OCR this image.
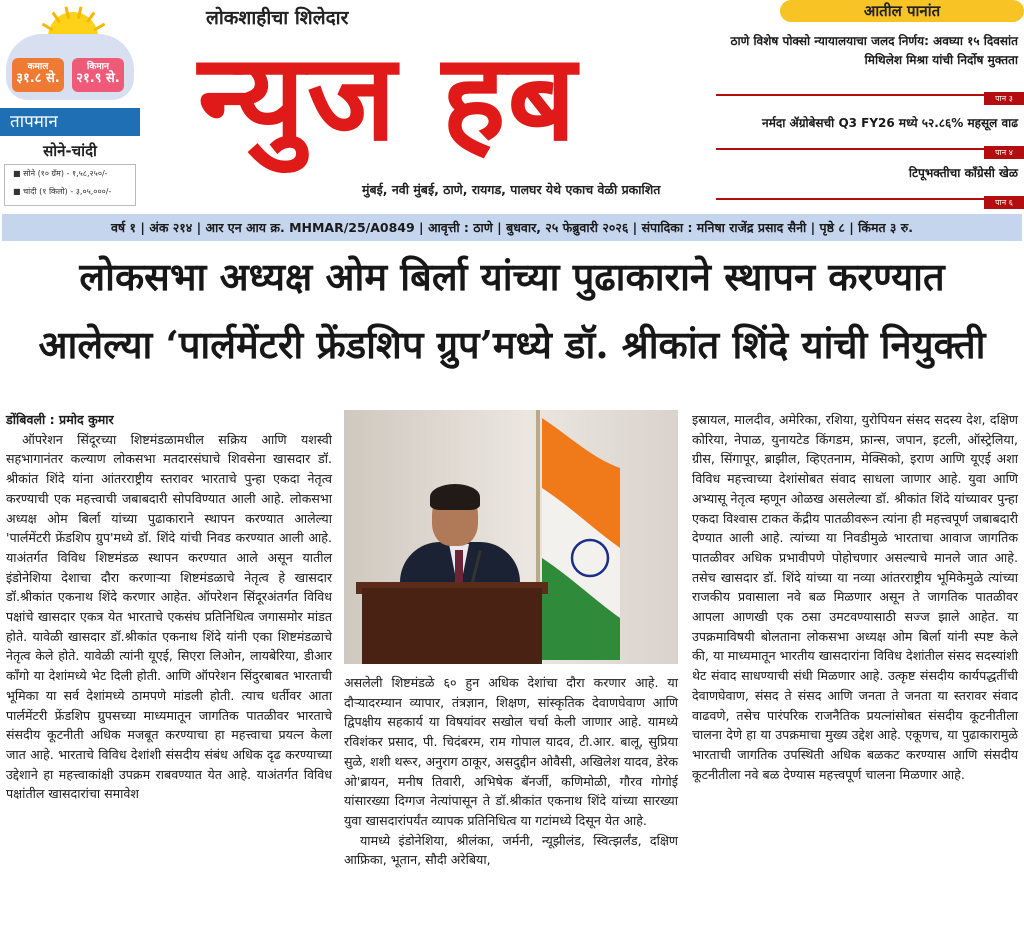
कमाल
३१.८ से.
किमान
२१.९ से.
तापमान
सोने-चांदी
■ सोने (१० ग्रॅम) - १,५८,२५०/-
■ चांदी (१ किलो) - ३,०५,०००/-
लोकशाहीचा शिलेदार
न्युज हब
मुंबई, नवी मुंबई, ठाणे, रायगड, पालघर येथे एकाच वेळी प्रकाशित
आतील पानांत
ठाणे विशेष पोक्सो न्यायालयाचा जलद निर्णय: अवघ्या १५ दिवसांत मिथिलेश मिश्रा यांची निर्दोष मुक्तता
पान ३
नर्मदा ॲग्रोबेसची Q3 FY26 मध्ये ५२.८६% महसूल वाढ
पान ४
टिपूभक्तीचा काँग्रेसी खेळ
पान ६
वर्ष १ | अंक २१४ | आर एन आय क्र. MHMAR/25/A0849 | आवृत्ती : ठाणे | बुधवार, २५ फेब्रुवारी २०२६ | संपादिका : मनिषा राजेंद्र प्रसाद सैनी | पृष्ठे ८ | किंमत ३ रु.
लोकसभा अध्यक्ष ओम बिर्ला यांच्या पुढाकाराने स्थापन करण्यात
आलेल्या ‘पार्लमेंटरी फ्रेंडशिप ग्रुप’मध्ये डॉ. श्रीकांत शिंदे यांची नियुक्ती
डोंबिवली : प्रमोद कुमार

ऑपरेशन सिंदूरच्या शिष्टमंडळामधील सक्रिय आणि यशस्वी सहभागानंतर कल्याण लोकसभा मतदारसंघाचे शिवसेना खासदार डॉ. श्रीकांत शिंदे यांना आंतरराष्ट्रीय स्तरावर भारताचे पुन्हा एकदा नेतृत्व करण्याची एक महत्त्वाची जबाबदारी सोपविण्यात आली आहे. लोकसभा अध्यक्ष ओम बिर्ला यांच्या पुढाकाराने स्थापन करण्यात आलेल्या 'पार्लमेंटरी फ्रेंडशिप ग्रुप'मध्ये डॉ. शिंदे यांची निवड करण्यात आली आहे. याअंतर्गत विविध शिष्टमंडळ स्थापन करण्यात आले असून यातील इंडोनेशिया देशाचा दौरा करणाऱ्या शिष्टमंडळाचे नेतृत्व हे खासदार डॉ.श्रीकांत एकनाथ शिंदे करणार आहेत. ऑपरेशन सिंदूरअंतर्गत विविध पक्षांचे खासदार एकत्र येत भारताचे एकसंघ प्रतिनिधित्व जगासमोर मांडत होते. यावेळी खासदार डॉ.श्रीकांत एकनाथ शिंदे यांनी एका शिष्टमंडळाचे नेतृत्व केले होते. यावेळी त्यांनी यूएई, सिएरा लिओन, लायबेरिया, डीआर काँगो या देशांमध्ये भेट दिली होती. आणि ऑपरेशन सिंदुरबाबत भारताची भूमिका या सर्व देशांमध्ये ठामपणे मांडली होती. त्याच धर्तीवर आता पार्लमेंटरी फ्रेंडशिप ग्रुपसच्या माध्यमातून जागतिक पातळीवर भारताचे संसदीय कूटनीती अधिक मजबूत करण्याचा हा महत्त्वाचा प्रयत्न केला जात आहे. भारताचे विविध देशांशी संसदीय संबंध अधिक दृढ करण्याच्या उद्देशाने हा महत्त्वाकांक्षी उपक्रम राबवण्यात येत आहे. याअंतर्गत विविध पक्षांतील खासदारांचा समावेश

असलेली शिष्टमंडळे ६० हुन अधिक देशांचा दौरा करणार आहे. या दौऱ्यादरम्यान व्यापार, तंत्रज्ञान, शिक्षण, सांस्कृतिक देवाणघेवाण आणि द्विपक्षीय सहकार्य या विषयांवर सखोल चर्चा केली जाणार आहे. यामध्ये रविशंकर प्रसाद, पी. चिदंबरम, राम गोपाल यादव, टी.आर. बालू, सुप्रिया सुळे, शशी थरूर, अनुराग ठाकूर, असदुद्दीन ओवैसी, अखिलेश यादव, डेरेक ओ'ब्रायन, मनीष तिवारी, अभिषेक बॅनर्जी, कणिमोळी, गौरव गोगोई यांसारख्या दिग्गज नेत्यांपासून ते डॉ.श्रीकांत एकनाथ शिंदे यांच्या सारख्या युवा खासदारांपर्यंत व्यापक प्रतिनिधित्व या गटांमध्ये दिसून येत आहे.

यामध्ये इंडोनेशिया, श्रीलंका, जर्मनी, न्यूझीलंड, स्वित्झर्लंड, दक्षिण आफ्रिका, भूतान, सौदी अरेबिया,

इस्रायल, मालदीव, अमेरिका, रशिया, युरोपियन संसद सदस्य देश, दक्षिण कोरिया, नेपाळ, युनायटेड किंगडम, फ्रान्स, जपान, इटली, ऑस्ट्रेलिया, ग्रीस, सिंगापूर, ब्राझील, व्हिएतनाम, मेक्सिको, इराण आणि यूएई अशा विविध महत्त्वाच्या देशांसोबत संवाद साधला जाणार आहे. युवा आणि अभ्यासू नेतृत्व म्हणून ओळख असलेल्या डॉ. श्रीकांत शिंदे यांच्यावर पुन्हा एकदा विश्वास टाकत केंद्रीय पातळीवरून त्यांना ही महत्त्वपूर्ण जबाबदारी देण्यात आली आहे. त्यांच्या या निवडीमुळे भारताचा आवाज जागतिक पातळीवर अधिक प्रभावीपणे पोहोचणार असल्याचे मानले जात आहे. तसेच खासदार डॉ. शिंदे यांच्या या नव्या आंतरराष्ट्रीय भूमिकेमुळे त्यांच्या राजकीय प्रवासाला नवे बळ मिळणार असून ते जागतिक पातळीवर आपला आणखी एक ठसा उमटवण्यासाठी सज्ज झाले आहेत. या उपक्रमाविषयी बोलताना लोकसभा अध्यक्ष ओम बिर्ला यांनी स्पष्ट केले की, या माध्यमातून भारतीय खासदारांना विविध देशांतील संसद सदस्यांशी थेट संवाद साधण्याची संधी मिळणार आहे. उत्कृष्ट संसदीय कार्यपद्धतींची देवाणघेवाण, संसद ते संसद आणि जनता ते जनता या स्तरावर संवाद वाढवणे, तसेच पारंपरिक राजनैतिक प्रयत्नांसोबत संसदीय कूटनीतीला चालना देणे हा या उपक्रमाचा मुख्य उद्देश आहे. एकूणच, या पुढाकारामुळे भारताची जागतिक उपस्थिती अधिक बळकट करण्यास आणि संसदीय कूटनीतीला नवे बळ देण्यास महत्त्वपूर्ण चालना मिळणार आहे.
